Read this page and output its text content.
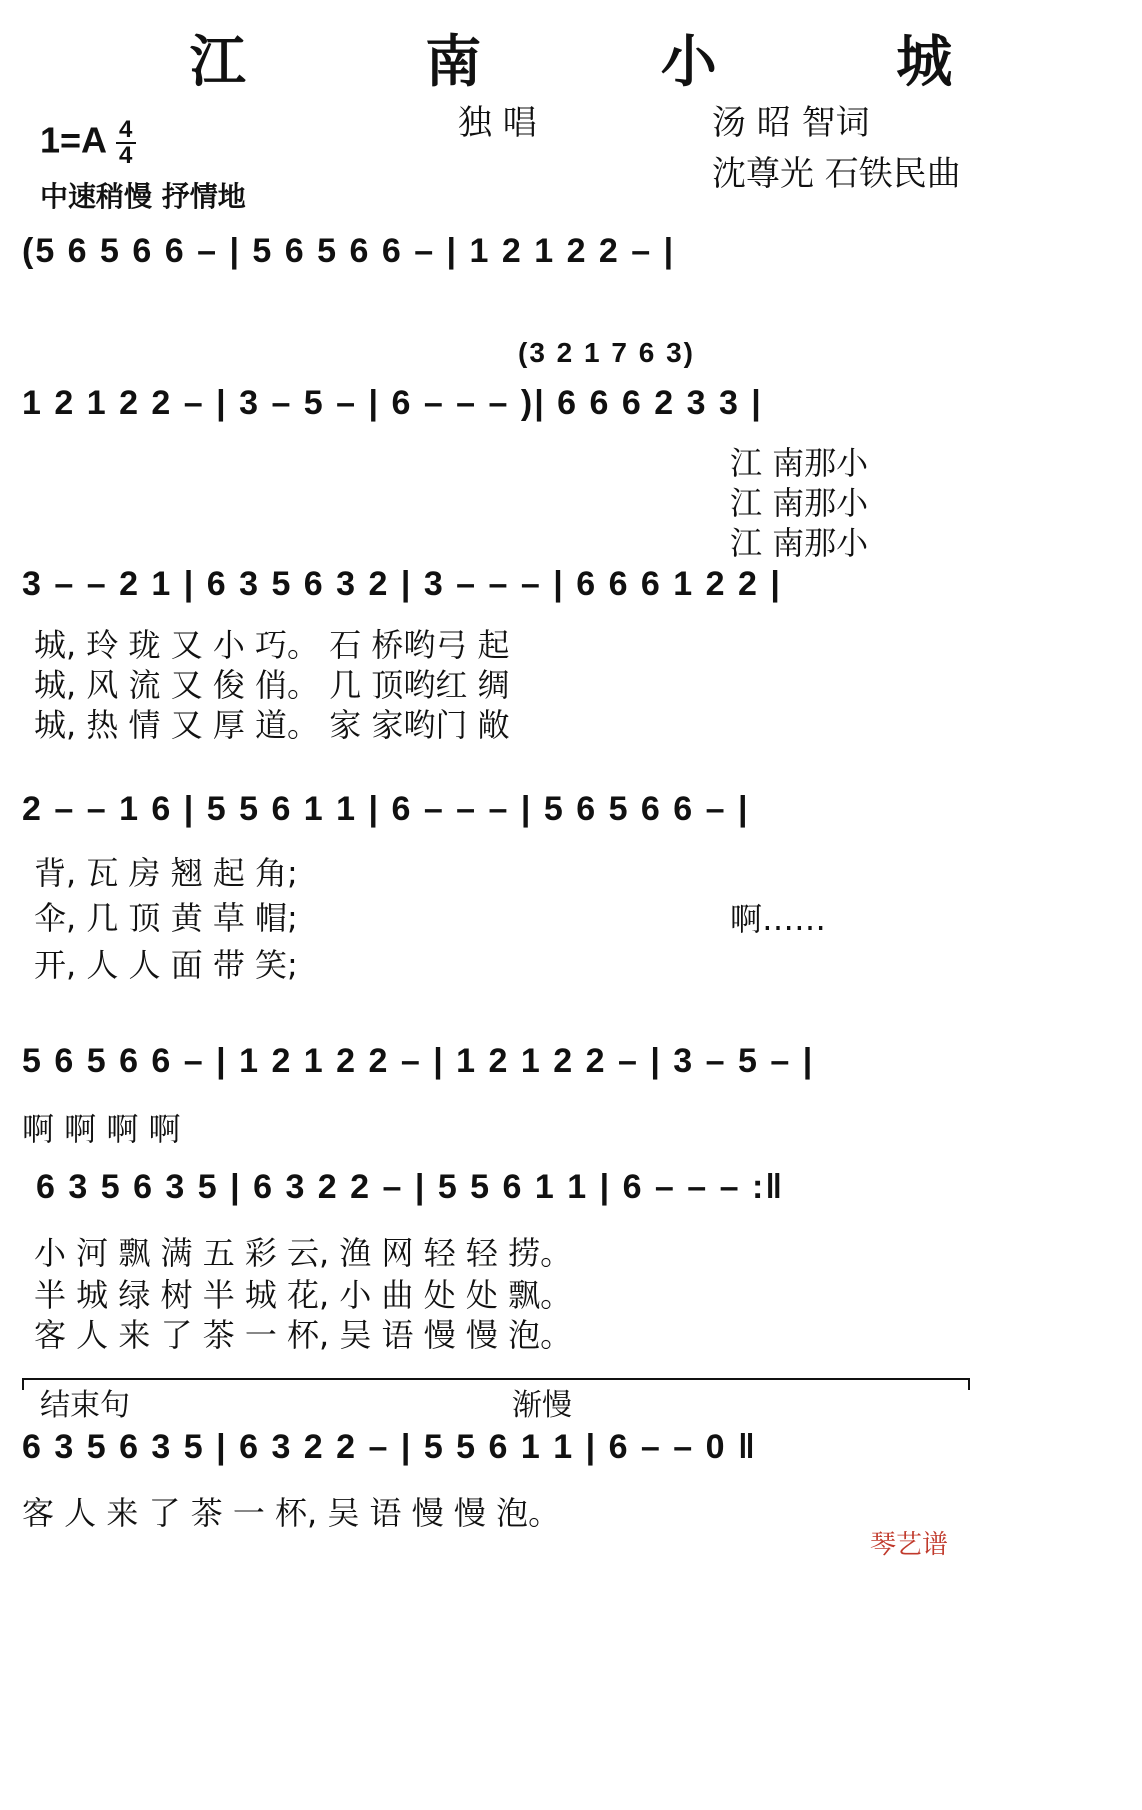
江 南 小 城
独 唱	汤 昭 智词
沈尊光 石铁民曲
$1=A \frac{4}{4}$
中速稍慢 抒情地
(5 6 5 6 6 – | 5 6 5 6 6 – | 1 2 1 2 2 – |
(3 2 1 7 6 3)
1 2 1 2 2 – | 3 – 5 – | 6 – – – )| 6 6 6 2 3 3 |
江 南那小
江 南那小
江 南那小
3 – – 2 1 | 6 3 5 6 3 2 | 3 – – – | 6 6 6 1 2 2 |
城, 玲 珑 又 小 巧。 石 桥哟弓 起
城, 风 流 又 俊 俏。 几 顶哟红 绸
城, 热 情 又 厚 道。 家 家哟门 敞
2 – – 1 6 | 5 5 6 1 1 | 6 – – – | 5 6 5 6 6 – |
背, 瓦 房 翘 起 角;
伞, 几 顶 黄 草 帽;
开, 人 人 面 带 笑;
啊……
5 6 5 6 6 – | 1 2 1 2 2 – | 1 2 1 2 2 – | 3 – 5 – |
啊 啊 啊 啊
6 3 5 6 3 5 | 6 3 2 2 – | 5 5 6 1 1 | 6 – – – :‖
小 河 飘 满 五 彩 云, 渔 网 轻 轻 捞。
半 城 绿 树 半 城 花, 小 曲 处 处 飘。
客 人 来 了 茶 一 杯, 吴 语 慢 慢 泡。
结束句	渐慢
6 3 5 6 3 5 | 6 3 2 2 – | 5 5 6 1 1 | 6 – – 0 ‖
客 人 来 了 茶 一 杯, 吴 语 慢 慢 泡。
琴艺谱
